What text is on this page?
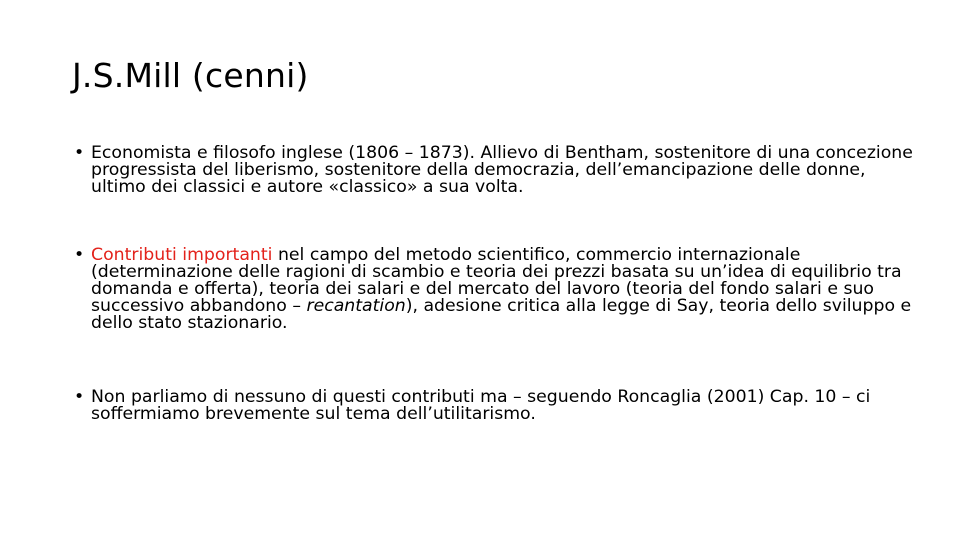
J.S.Mill (cenni)

• Economista e filosofo inglese (1806 – 1873). Allievo di Bentham, sostenitore di una concezione progressista del liberismo, sostenitore della democrazia, dell’emancipazione delle donne, ultimo dei classici e autore «classico» a sua volta.

• Contributi importanti nel campo del metodo scientifico, commercio internazionale (determinazione delle ragioni di scambio e teoria dei prezzi basata su un’idea di equilibrio tra domanda e offerta), teoria dei salari e del mercato del lavoro (teoria del fondo salari e suo successivo abbandono – recantation), adesione critica alla legge di Say, teoria dello sviluppo e dello stato stazionario.

• Non parliamo di nessuno di questi contributi ma – seguendo Roncaglia (2001) Cap. 10 – ci soffermiamo brevemente sul tema dell’utilitarismo.
